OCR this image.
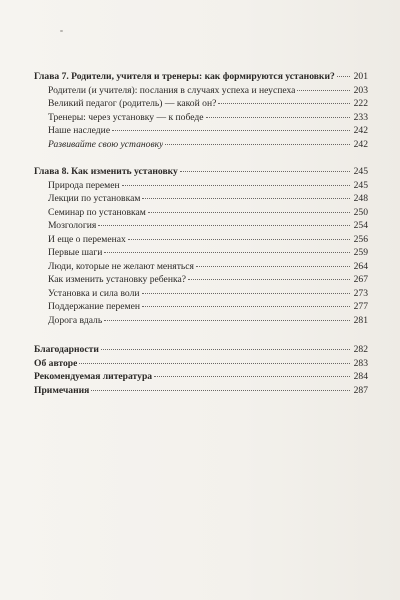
Глава 7. Родители, учителя и тренеры: как формируются установки? 201
Родители (и учителя): послания в случаях успеха и неуспеха	203
Великий педагог (родитель) — какой он?	222
Тренеры: через установку — к победе	233
Наше наследие	242
Развивайте свою установку	242
Глава 8. Как изменить установку	245
Природа перемен	245
Лекции по установкам	248
Семинар по установкам	250
Мозгология	254
И еще о переменах	256
Первые шаги	259
Люди, которые не желают меняться	264
Как изменить установку ребенка?	267
Установка и сила воли	273
Поддержание перемен	277
Дорога вдаль	281
Благодарности	282
Об авторе	283
Рекомендуемая литература	284
Примечания	287
